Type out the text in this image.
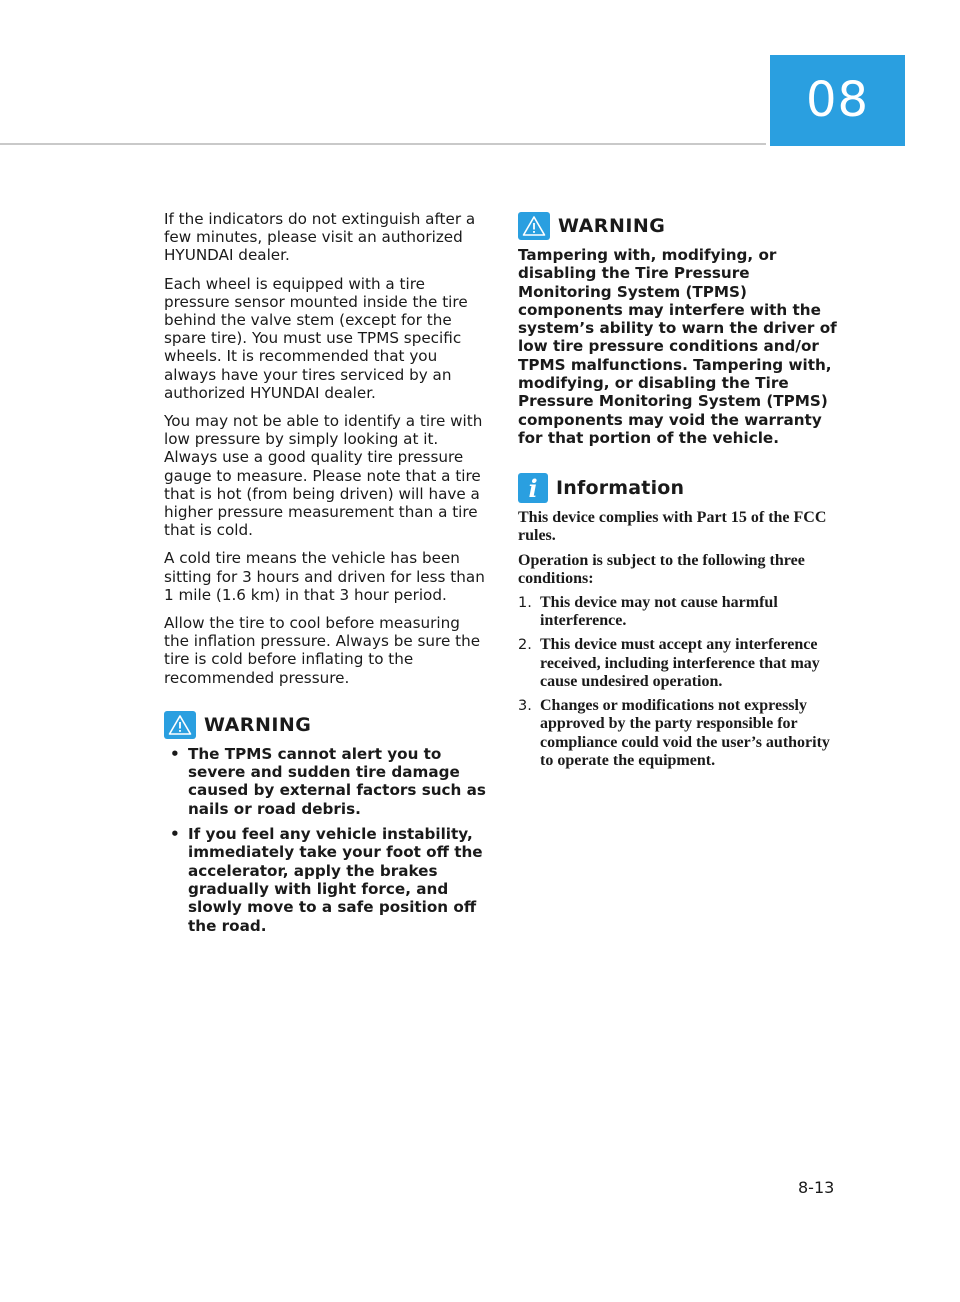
08

If the indicators do not extinguish after a few minutes, please visit an authorized HYUNDAI dealer.

Each wheel is equipped with a tire pressure sensor mounted inside the tire behind the valve stem (except for the spare tire). You must use TPMS specific wheels. It is recommended that you always have your tires serviced by an authorized HYUNDAI dealer.

You may not be able to identify a tire with low pressure by simply looking at it. Always use a good quality tire pressure gauge to measure. Please note that a tire that is hot (from being driven) will have a higher pressure measurement than a tire that is cold.

A cold tire means the vehicle has been sitting for 3 hours and driven for less than 1 mile (1.6 km) in that 3 hour period.

Allow the tire to cool before measuring the inflation pressure. Always be sure the tire is cold before inflating to the recommended pressure.

WARNING
• The TPMS cannot alert you to severe and sudden tire damage caused by external factors such as nails or road debris.
• If you feel any vehicle instability, immediately take your foot off the accelerator, apply the brakes gradually with light force, and slowly move to a safe position off the road.
WARNING

Tampering with, modifying, or disabling the Tire Pressure Monitoring System (TPMS) components may interfere with the system’s ability to warn the driver of low tire pressure conditions and/or TPMS malfunctions. Tampering with, modifying, or disabling the Tire Pressure Monitoring System (TPMS) components may void the warranty for that portion of the vehicle.

i Information

This device complies with Part 15 of the FCC rules.

Operation is subject to the following three conditions:

1. This device may not cause harmful interference.
2. This device must accept any interference received, including interference that may cause undesired operation.
3. Changes or modifications not expressly approved by the party responsible for compliance could void the user’s authority to operate the equipment.
8-13
